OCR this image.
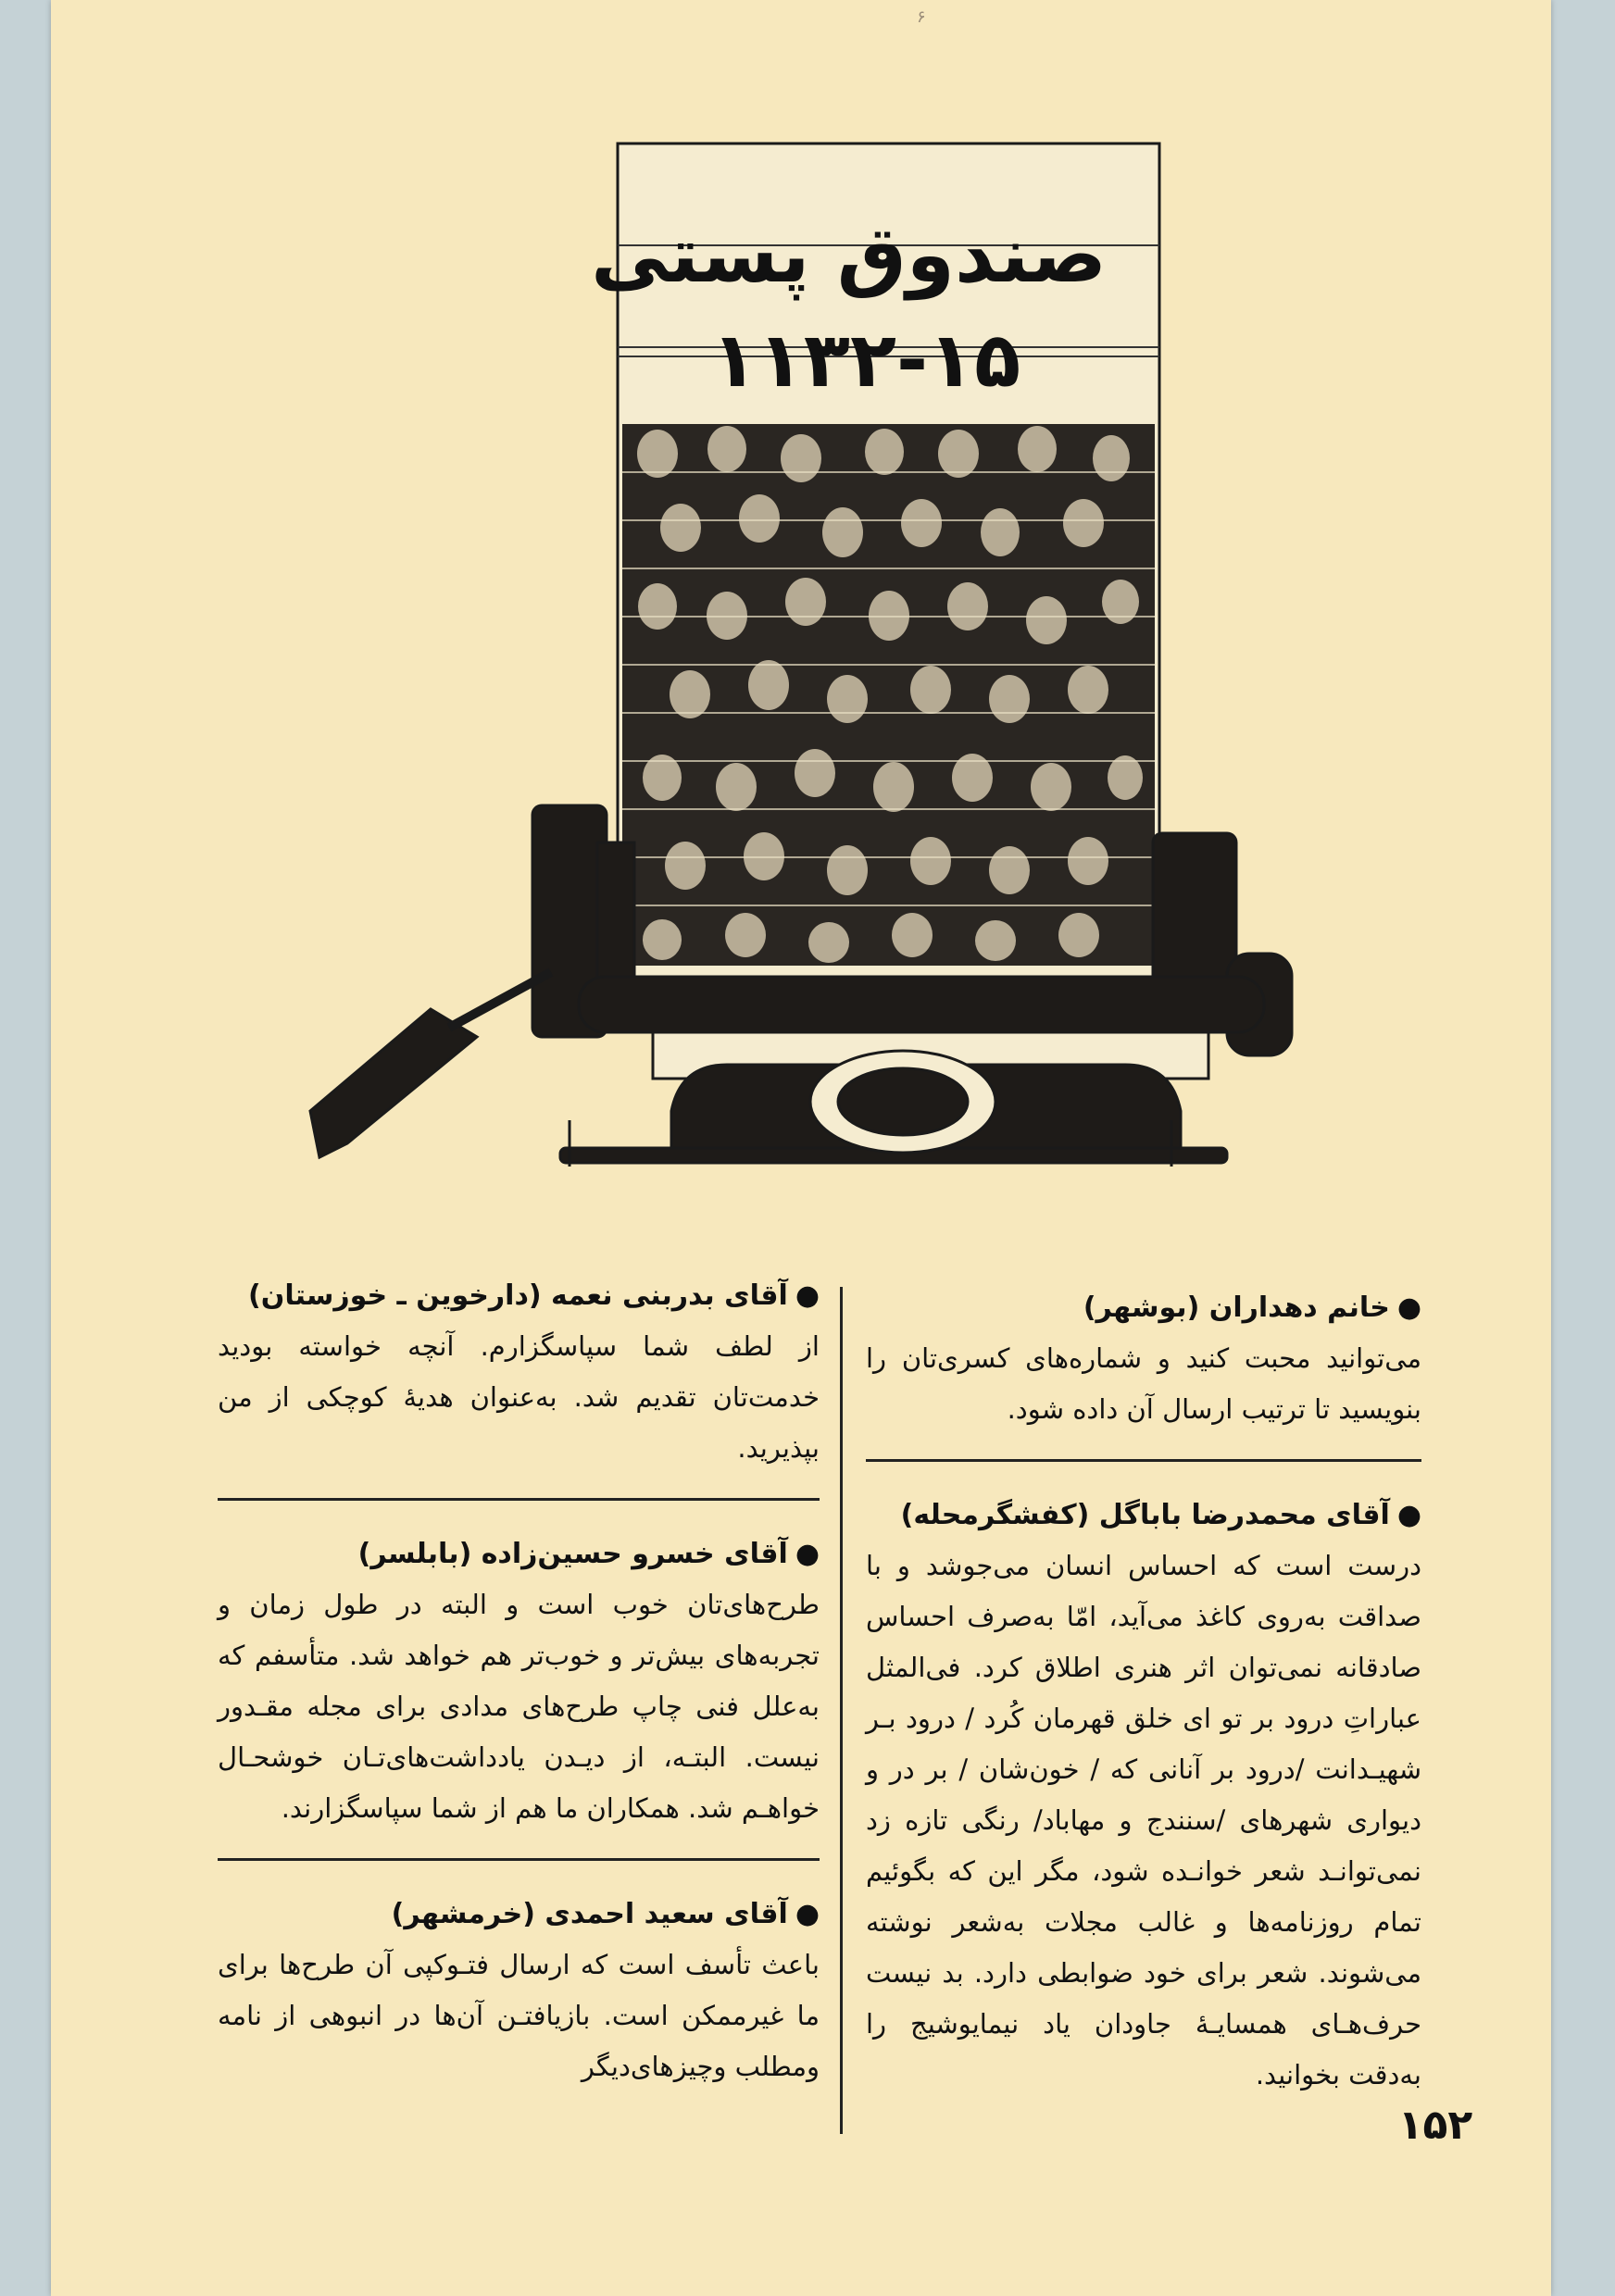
۶
صندوق پستی
۱۱۳۲-۱۵

●خانم دهداران (بوشهر)

می‌توانید محبت کنید و شماره‌های کسری‌تان را بنویسید تا ترتیب ارسال آن داده شود.

●آقای محمدرضا باباگل (کفشگرمحله)

درست است که احساس انسان می‌جوشد و با صداقت به‌روی کاغذ می‌آید، امّا به‌صرف احساس صادقانه نمی‌توان اثر هنری اطلاق کرد. فی‌المثل عباراتِ درود بر تو ای خلق قهرمان کُرد / درود بـر شهیـدانت /درود بر آنانی که / خون‌شان / بر در و دیواری شهرهای /سنندج و مهاباد/ رنگی تازه زد نمی‌توانـد شعر خوانـده شود، مگر این که بگوئیم تمام روزنامه‌ها و غالب مجلات به‌شعر نوشته می‌شوند. شعر برای خود ضوابطی دارد. بد نیست حرف‌هـای همسایـهٔ جاودان یاد نیمایوشیج را به‌دقت بخوانید.

●آقای بدربنی نعمه (دارخوین ـ خوزستان)

از لطف شما سپاسگزارم. آنچه خواسته بودید خدمت‌تان تقدیم شد. به‌عنوان هدیهٔ کوچکی از من بپذیرید.

●آقای خسرو حسین‌زاده (بابلسر)

طرح‌های‌تان خوب است و البته در طول زمان و تجربه‌های بیش‌تر و خوب‌تر هم خواهد شد. متأسفم که به‌علل فنی چاپ طرح‌های مدادی برای مجله مقـدور نیست. البتـه، از دیـدن یادداشت‌های‌تـان خوشحـال خواهـم شد. همکاران ما هم از شما سپاسگزارند.

●آقای سعید احمدی (خرمشهر)

باعث تأسف است که ارسال فتـوکپی آن طرح‌ها برای ما غیرممکن است. بازیافتـن آن‌ها در انبوهی از نامه ومطلب وچیزهای‌دیگر

۱۵۲
